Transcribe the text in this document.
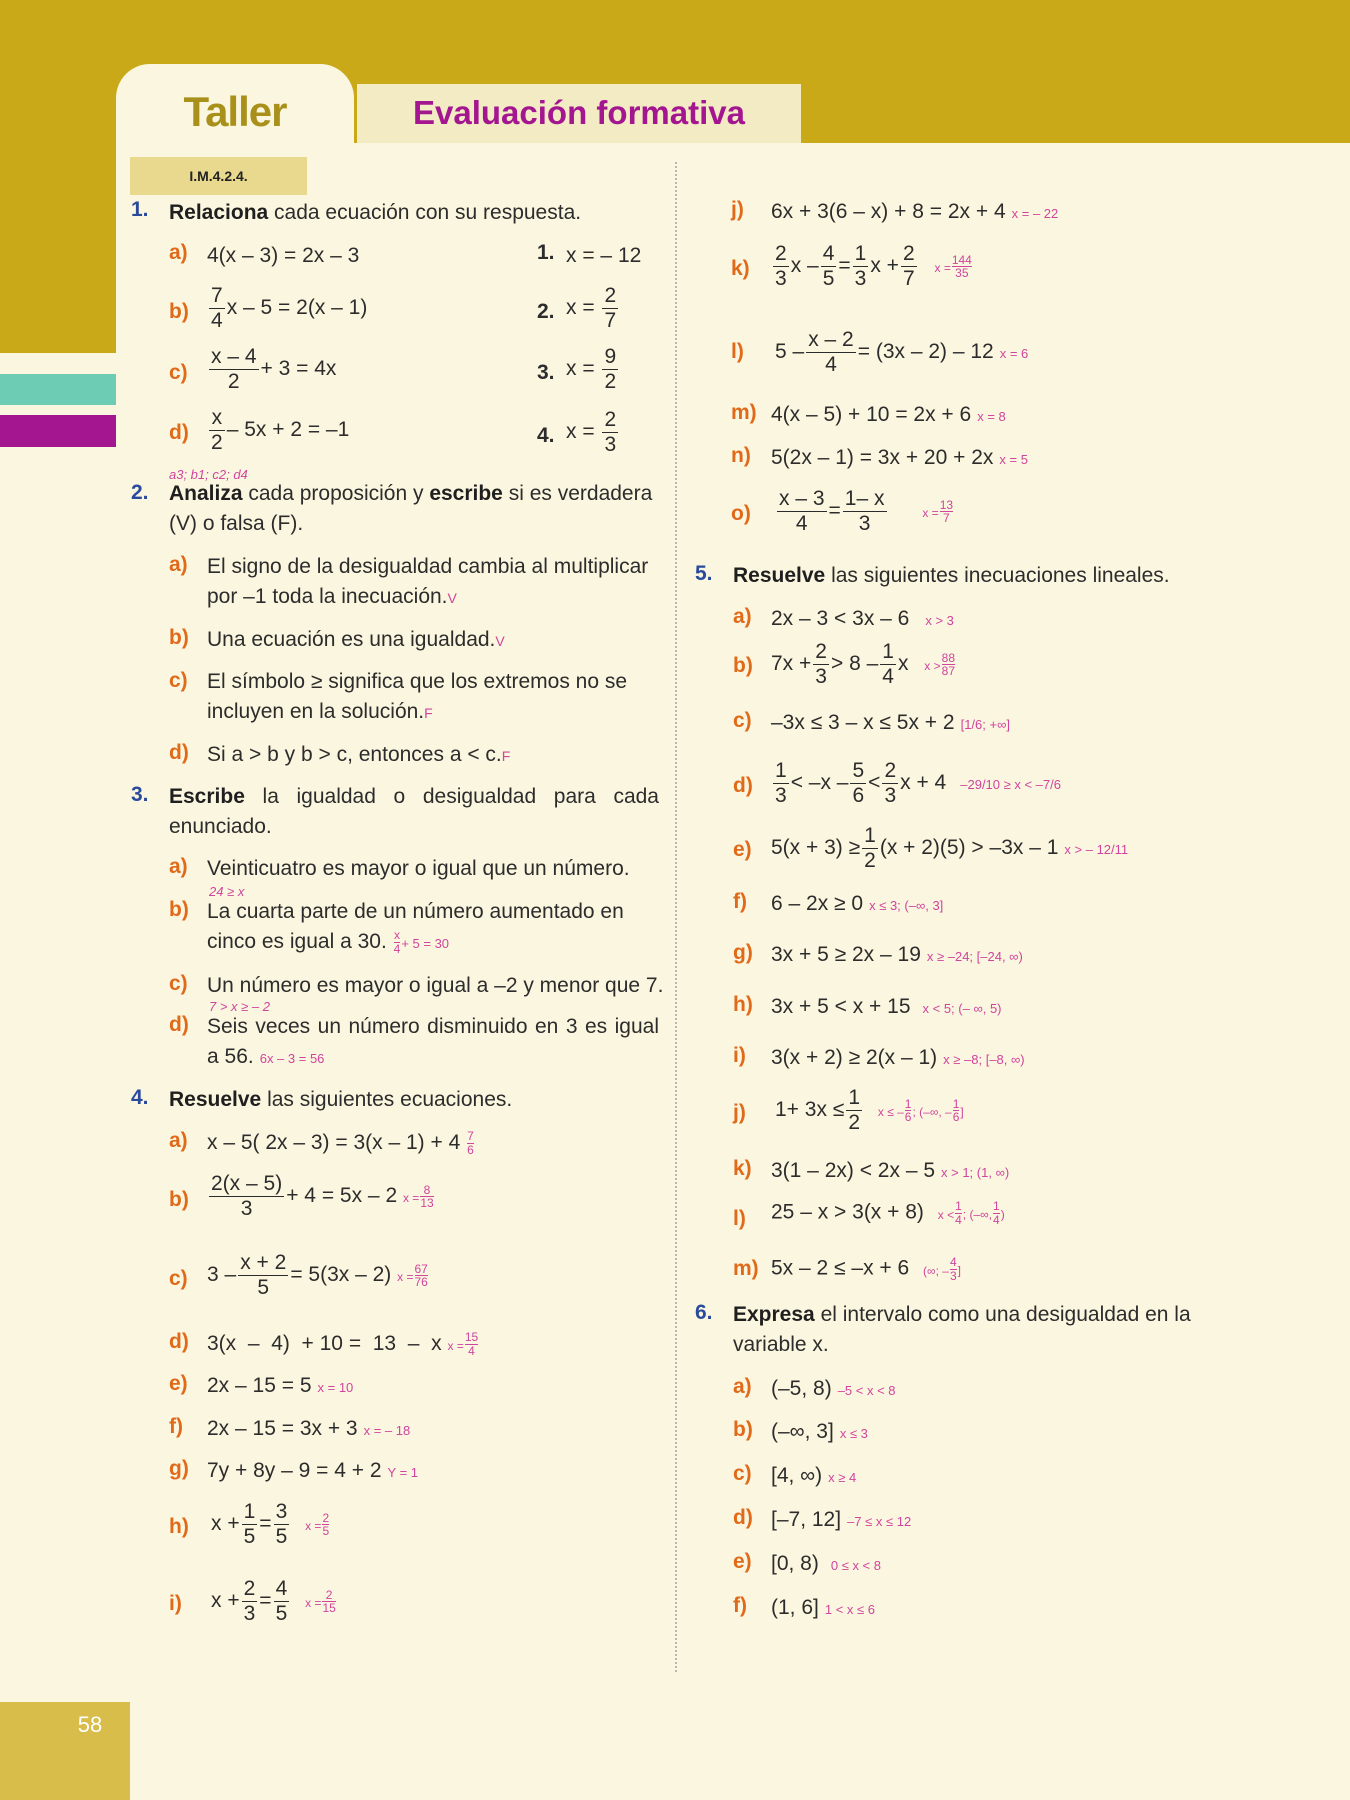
Taller	Evaluación formativa
I.M.4.2.4.
58
1. Relaciona cada ecuación con su respuesta.
a) 4(x – 3) = 2x – 3
$b) \frac{7}{4}$ x – 5 = 2(x – 1)
$c) \frac{x - 4}{2} + 3 = 4x$
$d) \frac{x}{2} - 5x + 2 = -1$
1. x = – 12
2. $x = \frac{2}{7}$
3. $x = \frac{9}{2}$
4. $x = \frac{2}{3}$
a3; b1; c2; d4
2. Analiza cada proposición y escribe si es verdadera (V) o falsa (F).
a) El signo de la desigualdad cambia al multiplicar por –1 toda la inecuación.V
b) Una ecuación es una igualdad.V
c) El símbolo ≥ significa que los extremos no se incluyen en la solución.F
d) Si a > b y b > c, entonces a < c.F
3. Escribe la igualdad o desigualdad para cada enunciado.
a) Veinticuatro es mayor o igual que un número.
24 ≥ x
b) La cuarta parte de un número aumentado en cinco es igual a 30. $\frac{x}{4} + 5 = 30$
c) Un número es mayor o igual a –2 y menor que 7.
7 > x ≥ – 2
d) Seis veces un número disminuido en 3 es igual a 56. 6x – 3 = 56
4. Resuelve las siguientes ecuaciones.
a) x – 5( $2x - 3) = 3(x - 1) + 4 \frac{7}{6}$
$b) \frac{2(x - 5)}{3} + 4 = 5x - 2$ $x = \frac{8}{13}$
c) $3 - \frac{x + 2}{5} = 5(3x - 2) x = \frac{67}{76}$
d) 3(x  –  4)  + 10 =  13  –  x $x = \frac{15}{4}$
e) 2x – 15 = 5 x = 10
f) 2x – 15 = 3x + 3 x = – 18
g) 7y + 8y – 9 = 4 + 2 Y = 1
h) $x + \frac{1}{5} = \frac{3}{5}$ $x = \frac{2}{5}$
i) $x + \frac{2}{3} = \frac{4}{5}$ $x = \frac{2}{15}$
j) 6x + 3(6 – x) + 8 = 2x + 4 x = – 22
$k) \frac{2}{3}$ $x - \frac{4}{5} = \frac{1}{3}$ $x + \frac{2}{7}$ $x = \frac{144}{35}$
l) $5 - \frac{x - 2}{4} = (3x - 2) - 12$ x = 6
m) 4(x – 5) + 10 = 2x + 6 x = 8
n) 5(2x – 1) = 3x + 20 + 2x x = 5
$o) \frac{x - 3}{4} = \frac{1- x}{3}$	$x = \frac{13}{7}$
5. Resuelve las siguientes inecuaciones lineales.
a) 2x – 3 < 3x – 6 x > 3
b) $7x + \frac{2}{3} > 8 - \frac{1}{4}$ x $x > \frac{88}{87}$
c) –3x ≤ 3 – x ≤ 5x + 2 [1/6; +∞]
$d) \frac{1}{3} < -x - \frac{5}{6} < \frac{2}{3}$ x + 4 –29/10 ≥ x < –7/6
e) $5(x + 3) \ge \frac{1}{2} (x + 2)(5) > -3x - 1$ x > – 12/11
f) 6 – 2x ≥ 0 x ≤ 3; (–∞, 3]
g) 3x + 5 ≥ 2x – 19 x ≥ –24; [–24, ∞)
h) 3x + 5 < x + 15 x < 5; (– ∞, 5)
i) 3(x + 2) ≥ 2(x – 1) x ≥ –8; [–8, ∞)
j) $1+ 3x \le \frac{1}{2}$ x ≤ – $\frac{1}{6}$ ; (–∞, – $\frac{1}{6}$ ]
k) 3(1 – 2x) < 2x – 5 x > 1; (1, ∞)
l) 25 – x > 3(x + 8) $x < \frac{1}{4}$ ; (–∞, $\frac{1}{4}$ )
m) 5x – 2 ≤ –x + 6 (∞; – $\frac{4}{3}$ ]
6. Expresa el intervalo como una desigualdad en la variable x.
a) (–5, 8) –5 < x < 8
b) (–∞, 3] x ≤ 3
c) [4, ∞) x ≥ 4
d) [–7, 12] –7 ≤ x ≤ 12
e) [0, 8) 0 ≤ x < 8
f) (1, 6] 1 < x ≤ 6
